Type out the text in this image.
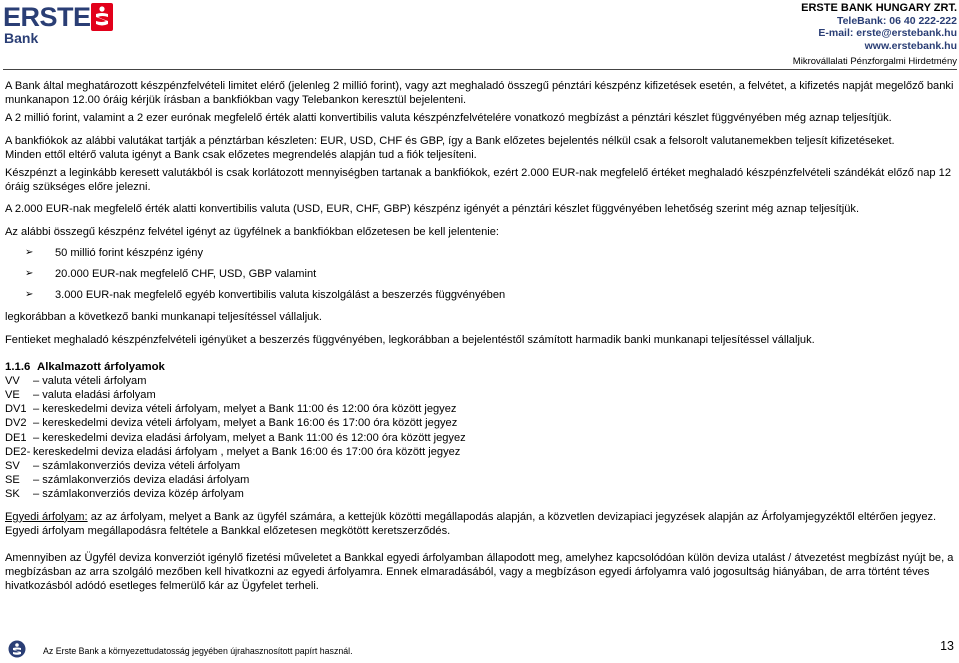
ERSTE
Bank
ERSTE BANK HUNGARY ZRT.
TeleBank: 06 40 222-222
E-mail: erste@erstebank.hu
www.erstebank.hu
Mikrovállalati Pénzforgalmi Hirdetmény

A Bank által meghatározott készpénzfelvételi limitet elérő (jelenleg 2 millió forint), vagy azt meghaladó összegű pénztári készpénz kifizetések esetén, a felvétet, a kifizetés napját megelőző banki munkanapon 12.00 óráig kérjük írásban a bankfiókban vagy Telebankon keresztül bejelenteni.

A 2 millió forint, valamint a 2 ezer eurónak megfelelő érték alatti konvertibilis valuta készpénzfelvételére vonatkozó megbízást a pénztári készlet függvényében még aznap teljesítjük.

A bankfiókok az alábbi valutákat tartják a pénztárban készleten: EUR, USD, CHF és GBP, így a Bank előzetes bejelentés nélkül csak a felsorolt valutanemekben teljesít kifizetéseket.

Minden ettől eltérő valuta igényt a Bank csak előzetes megrendelés alapján tud a fiók teljesíteni.

Készpénzt a leginkább keresett valutákból is csak korlátozott mennyiségben tartanak a bankfiókok, ezért 2.000 EUR-nak megfelelő értéket meghaladó készpénzfelvételi szándékát előző nap 12 óráig szükséges előre jelezni.

A 2.000 EUR-nak megfelelő érték alatti konvertibilis valuta (USD, EUR, CHF, GBP) készpénz igényét a pénztári készlet függvényében lehetőség szerint még aznap teljesítjük.

Az alábbi összegű készpénz felvétel igényt az ügyfélnek a bankfiókban előzetesen be kell jelentenie:

➢	50 millió forint készpénz igény

➢	20.000 EUR-nak megfelelő CHF, USD, GBP valamint

➢	3.000 EUR-nak megfelelő egyéb konvertibilis valuta kiszolgálást a beszerzés függvényében

legkorábban a következő banki munkanapi teljesítéssel vállaljuk.

Fentieket meghaladó készpénzfelvételi igényüket a beszerzés függvényében, legkorábban a bejelentéstől számított harmadik banki munkanapi teljesítéssel vállaljuk.

1.1.6 Alkalmazott árfolyamok

VV – valuta vételi árfolyam

VE – valuta eladási árfolyam

DV1 – kereskedelmi deviza vételi árfolyam, melyet a Bank 11:00 és 12:00 óra között jegyez

DV2 – kereskedelmi deviza vételi árfolyam, melyet a Bank 16:00 és 17:00 óra között jegyez

DE1 – kereskedelmi deviza eladási árfolyam, melyet a Bank 11:00 és 12:00 óra között jegyez

DE2- kereskedelmi deviza eladási árfolyam , melyet a Bank 16:00 és 17:00 óra között jegyez

SV – számlakonverziós deviza vételi árfolyam

SE – számlakonverziós deviza eladási árfolyam

SK – számlakonverziós deviza közép árfolyam

Egyedi árfolyam: az az árfolyam, melyet a Bank az ügyfél számára, a kettejük közötti megállapodás alapján, a közvetlen devizapiaci jegyzések alapján az Árfolyamjegyzéktől eltérően jegyez. Egyedi árfolyam megállapodásra feltétele a Bankkal előzetesen megkötött keretszerződés.

Amennyiben az Ügyfél deviza konverziót igénylő fizetési műveletet a Bankkal egyedi árfolyamban állapodott meg, amelyhez kapcsolódóan külön deviza utalást / átvezetést megbízást nyújt be, a megbízásban az arra szolgáló mezőben kell hivatkozni az egyedi árfolyamra. Ennek elmaradásából, vagy a megbízáson egyedi árfolyamra való jogosultság hiányában, de arra történt téves hivatkozásból adódó esetleges felmerülő kár az Ügyfelet terheli.

Az Erste Bank a környezettudatosság jegyében újrahasznosított papírt használ.	13
